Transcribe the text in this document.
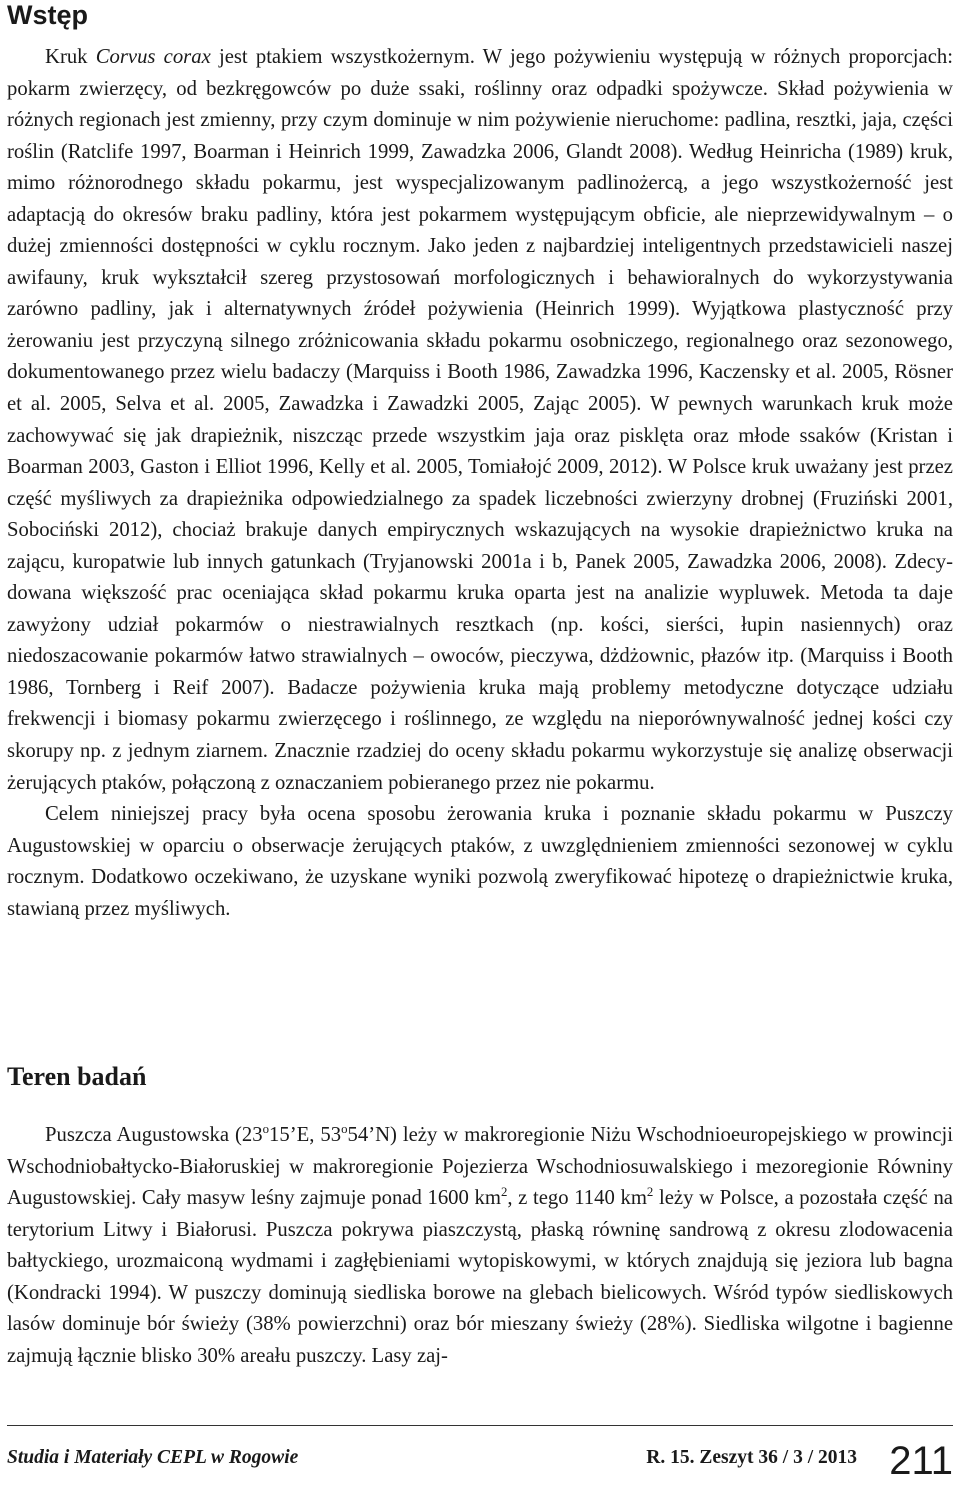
Wstęp

Kruk Corvus corax jest ptakiem wszystkożernym. W jego pożywieniu występują w różnych proporcjach: pokarm zwierzęcy, od bezkręgowców po duże ssaki, roślinny oraz odpadki spożywcze. Skład pożywienia w różnych regionach jest zmienny, przy czym dominuje w nim pożywienie nieruchome: padlina, resztki, jaja, części roślin (Ratclife 1997, Boarman i Heinrich 1999, Zawadzka 2006, Glandt 2008). Według Heinricha (1989) kruk, mimo różnorodnego składu pokarmu, jest wyspecjalizowanym padlinożercą, a jego wszystkożerność jest adaptacją do okresów braku padliny, która jest pokarmem występującym obficie, ale nieprzewidywalnym – o dużej zmienności dostępności w cyklu rocznym. Jako jeden z najbardziej inteligentnych przedstawicieli naszej awifauny, kruk wykształcił szereg przystosowań morfologicznych i behawioralnych do wykorzystywania zarówno padliny, jak i alternatywnych źródeł pożywienia (Heinrich 1999). Wyjątkowa plastyczność przy żerowaniu jest przyczyną silnego zróżnicowania składu pokarmu osobniczego, regionalnego oraz sezonowego, dokumentowanego przez wielu badaczy (Marquiss i Booth 1986, Zawadzka 1996, Kaczensky et al. 2005, Rösner et al. 2005, Selva et al. 2005, Zawadzka i Zawadzki 2005, Zając 2005). W pewnych warunkach kruk może zachowywać się jak drapieżnik, niszcząc przede wszystkim jaja oraz pisklęta oraz młode ssaków (Kristan i Boarman 2003, Gaston i Elliot 1996, Kelly et al. 2005, Tomiałojć 2009, 2012). W Polsce kruk uważany jest przez część myśliwych za drapieżnika odpowiedzialnego za spadek liczebności zwierzyny drobnej (Fruziński 2001, Sobociński 2012), chociaż brakuje danych empirycznych wskazujących na wysokie drapieżnictwo kruka na zającu, kuropatwie lub innych gatunkach (Tryjanowski 2001a i b, Panek 2005, Zawadzka 2006, 2008). Zdecydowana większość prac oceniająca skład pokarmu kruka oparta jest na analizie wypluwek. Metoda ta daje zawyżony udział pokarmów o niestrawialnych resztkach (np. kości, sierści, łupin nasiennych) oraz niedoszacowanie pokarmów łatwo strawialnych – owoców, pieczywa, dżdżownic, płazów itp. (Marquiss i Booth 1986, Tornberg i Reif 2007). Badacze pożywienia kruka mają problemy metodyczne dotyczące udziału frekwencji i biomasy pokarmu zwierzęcego i roślinnego, ze względu na nieporównywalność jednej kości czy skorupy np. z jednym ziarnem. Znacznie rzadziej do oceny składu pokarmu wykorzystuje się analizę obserwacji żerujących ptaków, połączoną z oznaczaniem pobieranego przez nie pokarmu.

Celem niniejszej pracy była ocena sposobu żerowania kruka i poznanie składu pokarmu w Puszczy Augustowskiej w oparciu o obserwacje żerujących ptaków, z uwzględnieniem zmienności sezonowej w cyklu rocznym. Dodatkowo oczekiwano, że uzyskane wyniki pozwolą zweryfikować hipotezę o drapieżnictwie kruka, stawianą przez myśliwych.

Teren badań

Puszcza Augustowska (23$^o$15’E, 53$^o$54’N) leży w makroregionie Niżu Wschodnioeuropejskiego w prowincji Wschodniobałtycko-Białoruskiej w makroregionie Pojezierza Wschodniosuwalskiego i mezoregionie Równiny Augustowskiej. Cały masyw leśny zajmuje ponad 1600 $km^2$, z tego 1140 $km^2$ leży w Polsce, a pozostała część na terytorium Litwy i Białorusi. Puszcza pokrywa piaszczystą, płaską równinę sandrową z okresu zlodowacenia bałtyckiego, urozmaiconą wydmami i zagłębieniami wytopiskowymi, w których znajdują się jeziora lub bagna (Kondracki 1994). W puszczy dominują siedliska borowe na glebach bielicowych. Wśród typów siedliskowych lasów dominuje bór świeży (38% powierzchni) oraz bór mieszany świeży (28%). Siedliska wilgotne i bagienne zajmują łącznie blisko 30% areału puszczy. Lasy zaj-

Studia i Materiały CEPL w Rogowie	R. 15. Zeszyt 36 / 3 / 2013 211
